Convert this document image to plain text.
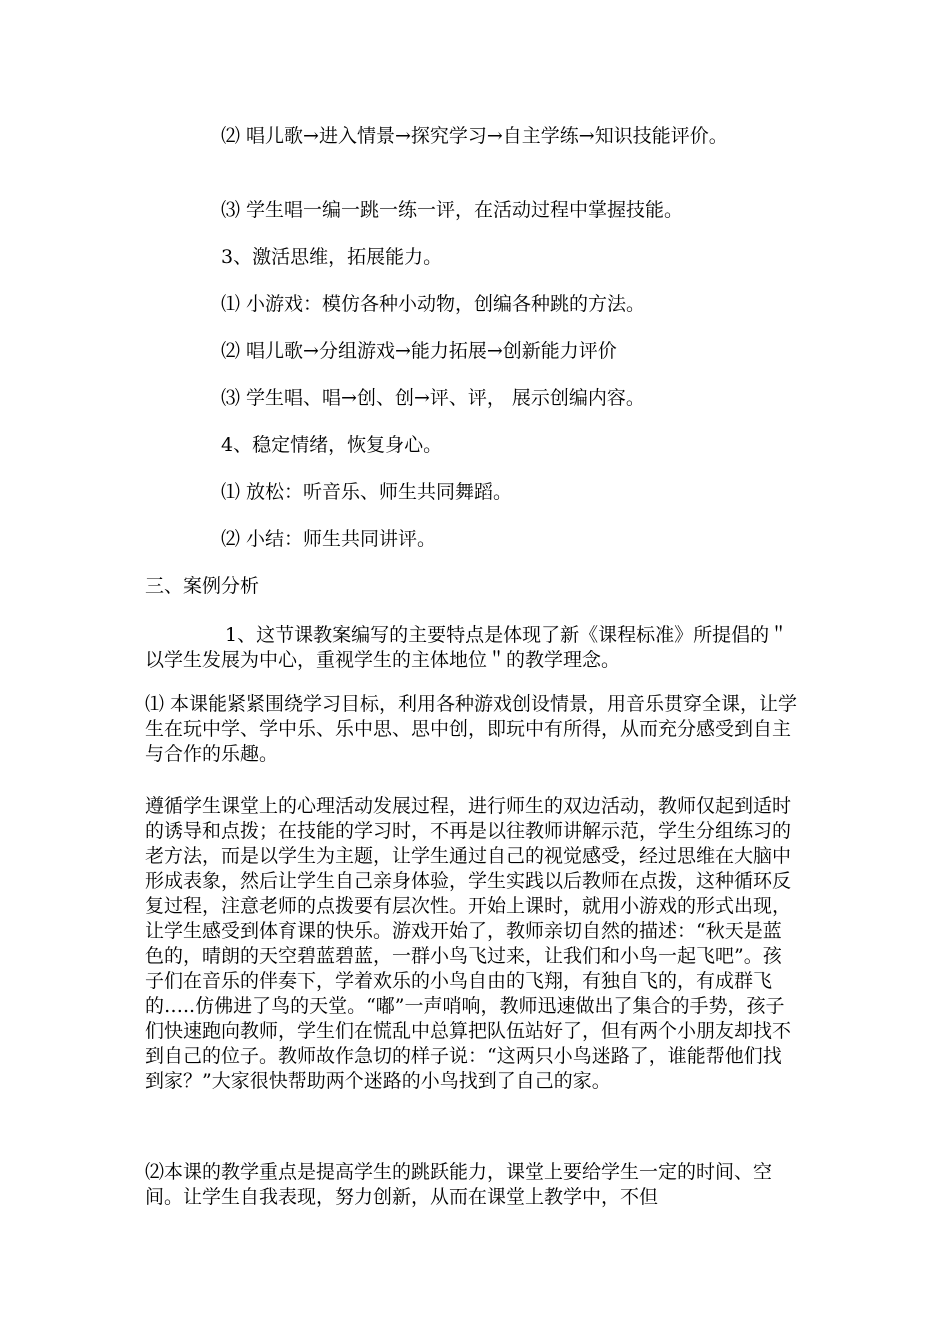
⑵ 唱儿歌→进入情景→探究学习→自主学练→知识技能评价。

⑶ 学生唱一编一跳一练一评，在活动过程中掌握技能。

3、激活思维，拓展能力。

⑴ 小游戏：模仿各种小动物，创编各种跳的方法。

⑵ 唱儿歌→分组游戏→能力拓展→创新能力评价

⑶ 学生唱、唱→创、创→评、评， 展示创编内容。

4、稳定情绪，恢复身心。

⑴ 放松：听音乐、师生共同舞蹈。

⑵ 小结：师生共同讲评。

三、案例分析

1、这节课教案编写的主要特点是体现了新《课程标准》所提倡的＂以学生发展为中心，重视学生的主体地位＂的教学理念。

⑴ 本课能紧紧围绕学习目标，利用各种游戏创设情景，用音乐贯穿全课，让学生在玩中学、学中乐、乐中思、思中创，即玩中有所得，从而充分感受到自主与合作的乐趣。

遵循学生课堂上的心理活动发展过程，进行师生的双边活动，教师仅起到适时的诱导和点拨；在技能的学习时，不再是以往教师讲解示范，学生分组练习的老方法，而是以学生为主题，让学生通过自己的视觉感受，经过思维在大脑中形成表象，然后让学生自己亲身体验，学生实践以后教师在点拨，这种循环反复过程，注意老师的点拨要有层次性。开始上课时，就用小游戏的形式出现，让学生感受到体育课的快乐。游戏开始了，教师亲切自然的描述：“秋天是蓝色的，晴朗的天空碧蓝碧蓝，一群小鸟飞过来，让我们和小鸟一起飞吧”。孩子们在音乐的伴奏下，学着欢乐的小鸟自由的飞翔，有独自飞的，有成群飞的…..仿佛进了鸟的天堂。“嘟”一声哨响，教师迅速做出了集合的手势，孩子们快速跑向教师，学生们在慌乱中总算把队伍站好了，但有两个小朋友却找不到自己的位子。教师故作急切的样子说：“这两只小鸟迷路了，谁能帮他们找到家？”大家很快帮助两个迷路的小鸟找到了自己的家。

⑵本课的教学重点是提高学生的跳跃能力，课堂上要给学生一定的时间、空间。让学生自我表现，努力创新，从而在课堂上教学中，不但
